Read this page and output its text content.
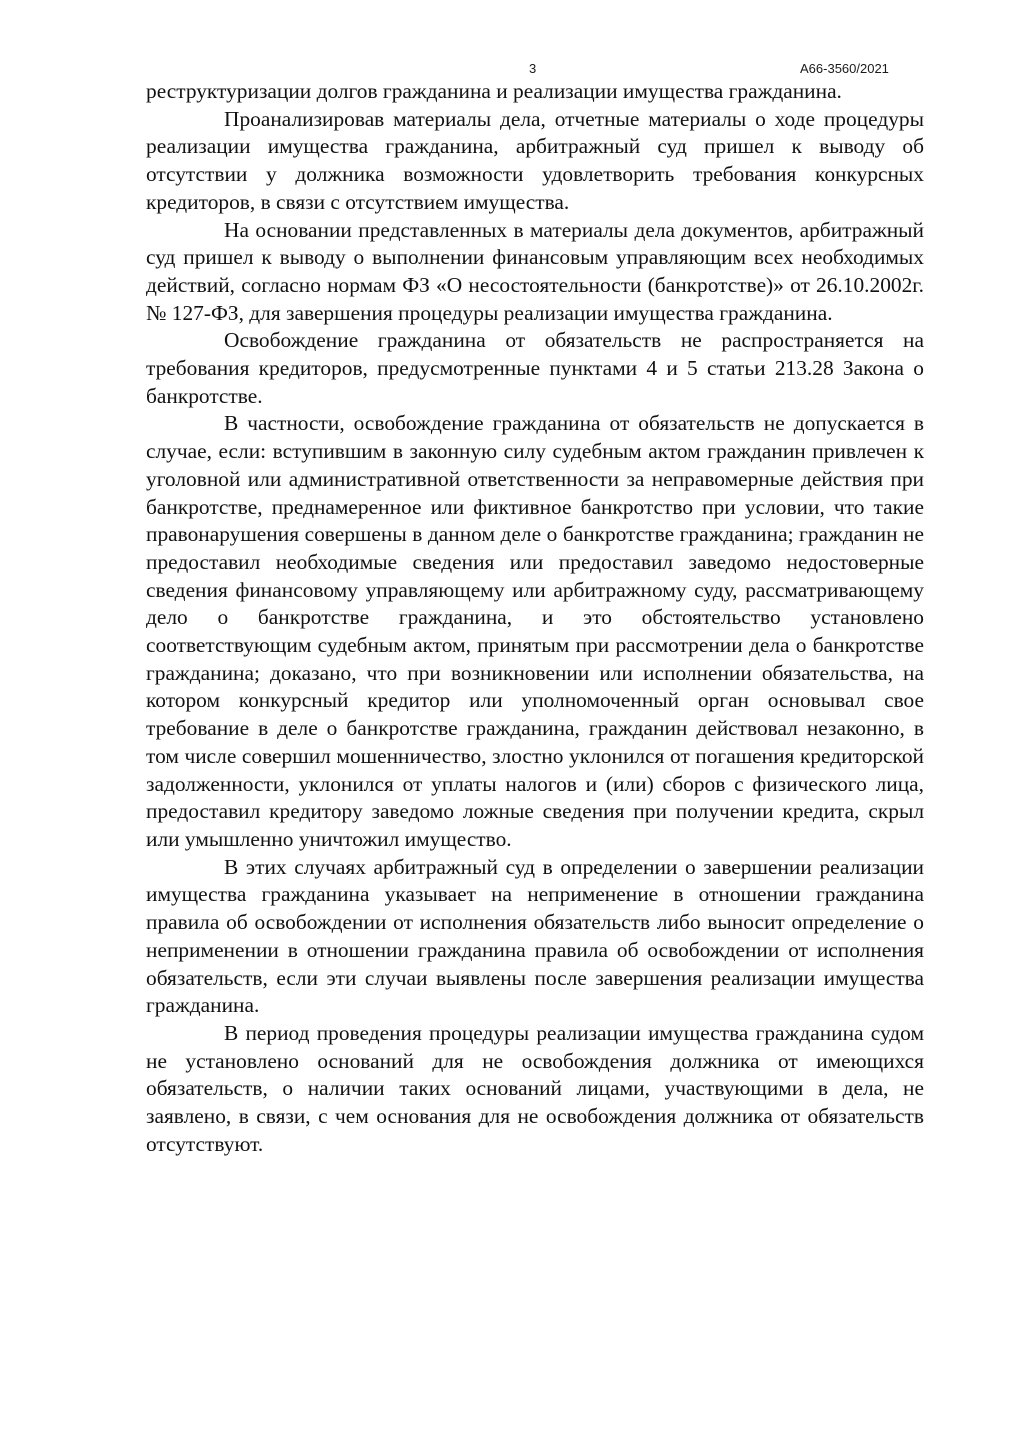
3	А66-3560/2021

реструктуризации долгов гражданина и реализации имущества гражданина.

Проанализировав материалы дела, отчетные материалы о ходе процедуры реализации имущества гражданина, арбитражный суд пришел к выводу об отсутствии у должника возможности удовлетворить требования конкурсных кредиторов, в связи с отсутствием имущества.

На основании представленных в материалы дела документов, арбитражный суд пришел к выводу о выполнении финансовым управляющим всех необходимых действий, согласно нормам ФЗ «О несостоятельности (банкротстве)» от 26.10.2002г. № 127-ФЗ, для завершения процедуры реализации имущества гражданина.

Освобождение гражданина от обязательств не распространяется на требования кредиторов, предусмотренные пунктами 4 и 5 статьи 213.28 Закона о банкротстве.

В частности, освобождение гражданина от обязательств не допускается в случае, если: вступившим в законную силу судебным актом гражданин привлечен к уголовной или административной ответственности за неправомерные действия при банкротстве, преднамеренное или фиктивное банкротство при условии, что такие правонарушения совершены в данном деле о банкротстве гражданина; гражданин не предоставил необходимые сведения или предоставил заведомо недостоверные сведения финансовому управляющему или арбитражному суду, рассматривающему дело о банкротстве гражданина, и это обстоятельство установлено соответствующим судебным актом, принятым при рассмотрении дела о банкротстве гражданина; доказано, что при возникновении или исполнении обязательства, на котором конкурсный кредитор или уполномоченный орган основывал свое требование в деле о банкротстве гражданина, гражданин действовал незаконно, в том числе совершил мошенничество, злостно уклонился от погашения кредиторской задолженности, уклонился от уплаты налогов и (или) сборов с физического лица, предоставил кредитору заведомо ложные сведения при получении кредита, скрыл или умышленно уничтожил имущество.

В этих случаях арбитражный суд в определении о завершении реализации имущества гражданина указывает на неприменение в отношении гражданина правила об освобождении от исполнения обязательств либо выносит определение о неприменении в отношении гражданина правила об освобождении от исполнения обязательств, если эти случаи выявлены после завершения реализации имущества гражданина.

В период проведения процедуры реализации имущества гражданина судом не установлено оснований для не освобождения должника от имеющихся обязательств, о наличии таких оснований лицами, участвующими в дела, не заявлено, в связи, с чем основания для не освобождения должника от обязательств отсутствуют.
